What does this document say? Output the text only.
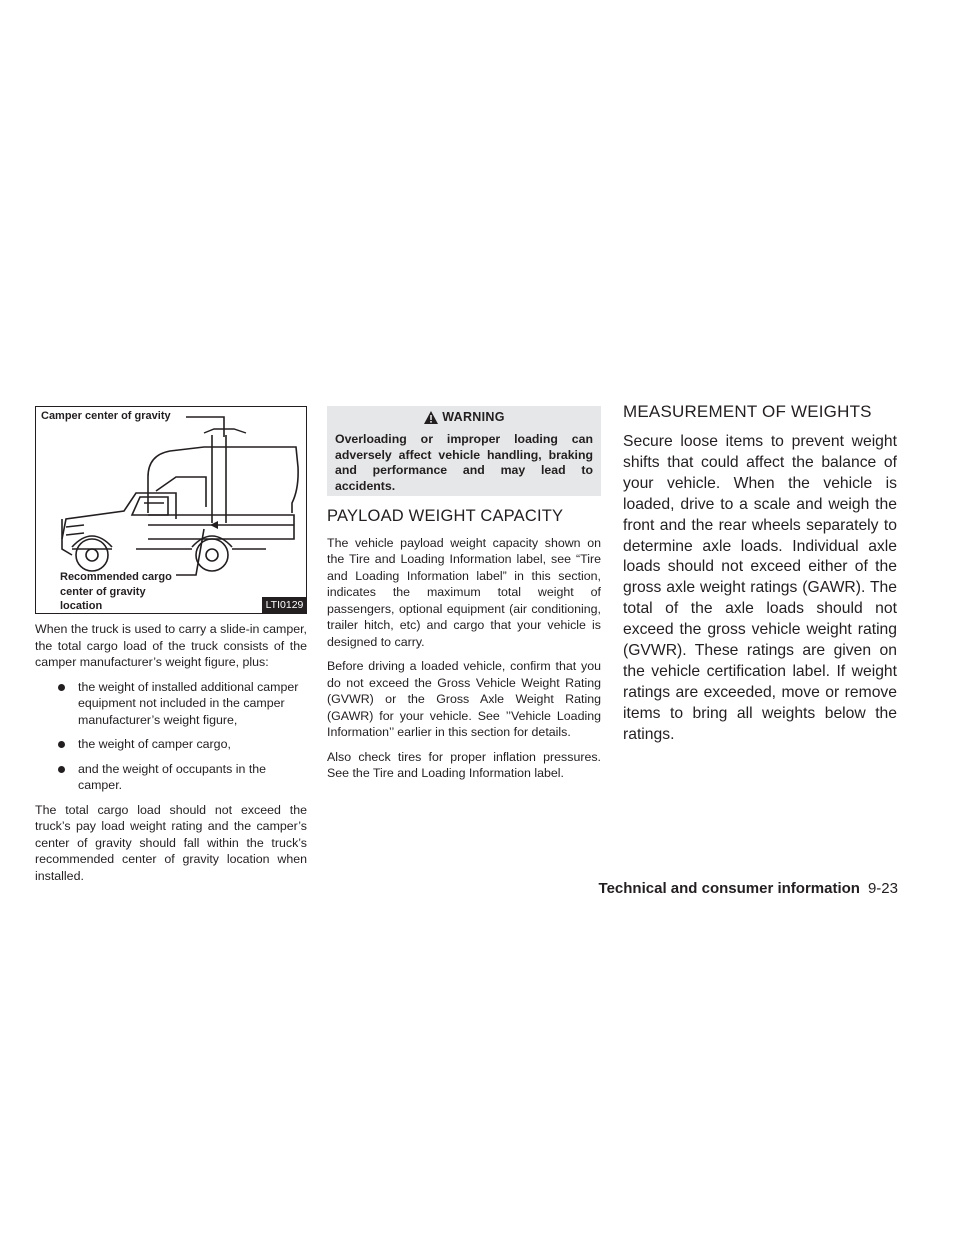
Camper center of gravity
Recommended cargo
center of gravity
location	LTI0129

When the truck is used to carry a slide-in camper, the total cargo load of the truck consists of the camper manufacturer’s weight figure, plus:

the weight of installed additional camper equipment not included in the camper manufacturer’s weight figure,
the weight of camper cargo,
and the weight of occupants in the camper.

The total cargo load should not exceed the truck’s pay load weight rating and the camper’s center of gravity should fall within the truck’s recommended center of gravity location when installed.

WARNING
Overloading or improper loading can adversely affect vehicle handling, braking and performance and may lead to accidents.
PAYLOAD WEIGHT CAPACITY

The vehicle payload weight capacity shown on the Tire and Loading Information label, see “Tire and Loading Information label” in this section, indicates the maximum total weight of passengers, optional equipment (air conditioning, trailer hitch, etc) and cargo that your vehicle is designed to carry.

Before driving a loaded vehicle, confirm that you do not exceed the Gross Vehicle Weight Rating (GVWR) or the Gross Axle Weight Rating (GAWR) for your vehicle. See ’’Vehicle Loading Information’’ earlier in this section for details.

Also check tires for proper inflation pressures. See the Tire and Loading Information label.

MEASUREMENT OF WEIGHTS

Secure loose items to prevent weight shifts that could affect the balance of your vehicle. When the vehicle is loaded, drive to a scale and weigh the front and the rear wheels separately to determine axle loads. Individual axle loads should not exceed either of the gross axle weight ratings (GAWR). The total of the axle loads should not exceed the gross vehicle weight rating (GVWR). These ratings are given on the vehicle certification label. If weight ratings are exceeded, move or remove items to bring all weights below the ratings.

Technical and consumer information 9-23
